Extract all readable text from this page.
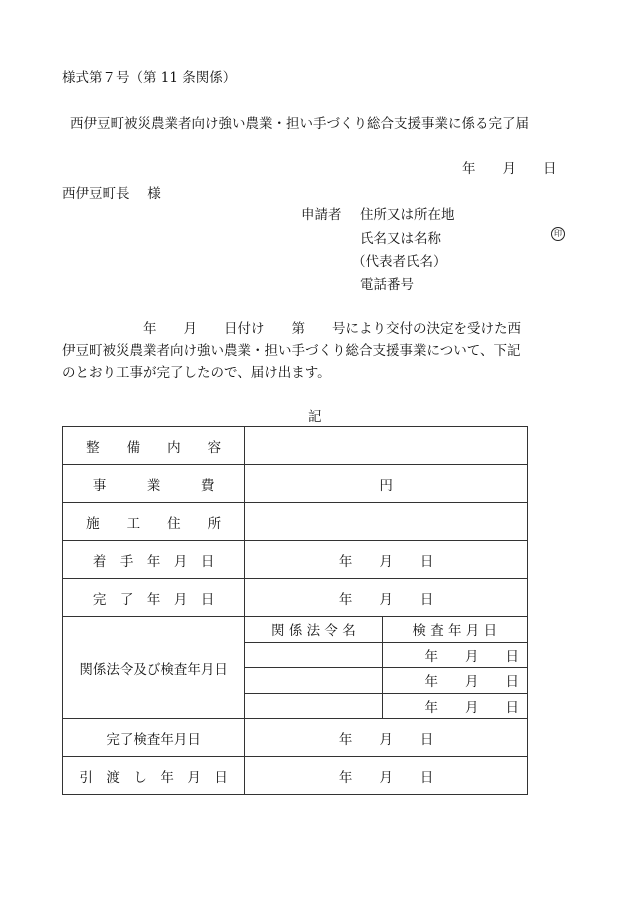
様式第７号（第 11 条関係）
西伊豆町被災農業者向け強い農業・担い手づくり総合支援事業に係る完了届
年　　月　　日
西伊豆町長　 様
申請者 住所又は所在地
氏名又は名称	印
（代表者氏名）
電話番号
　　　　　　年　　月　　日付け　　第　　号により交付の決定を受けた西
伊豆町被災農業者向け強い農業・担い手づくり総合支援事業について、下記
のとおり工事が完了したので、届け出ます。
記
整　　備　　内　　容		
事　　　業　　　費	円	
施　　工　　住　　所		
着　手　年　月　日	年　　月　　日	
完　了　年　月　日	年　　月　　日	
関係法令及び検査年月日	関 係 法 令 名	検 査 年 月 日
		年　　月　　日
		年　　月　　日
		年　　月　　日
完了検査年月日	年　　月　　日	
引　渡　し　年　月　日	年　　月　　日	
